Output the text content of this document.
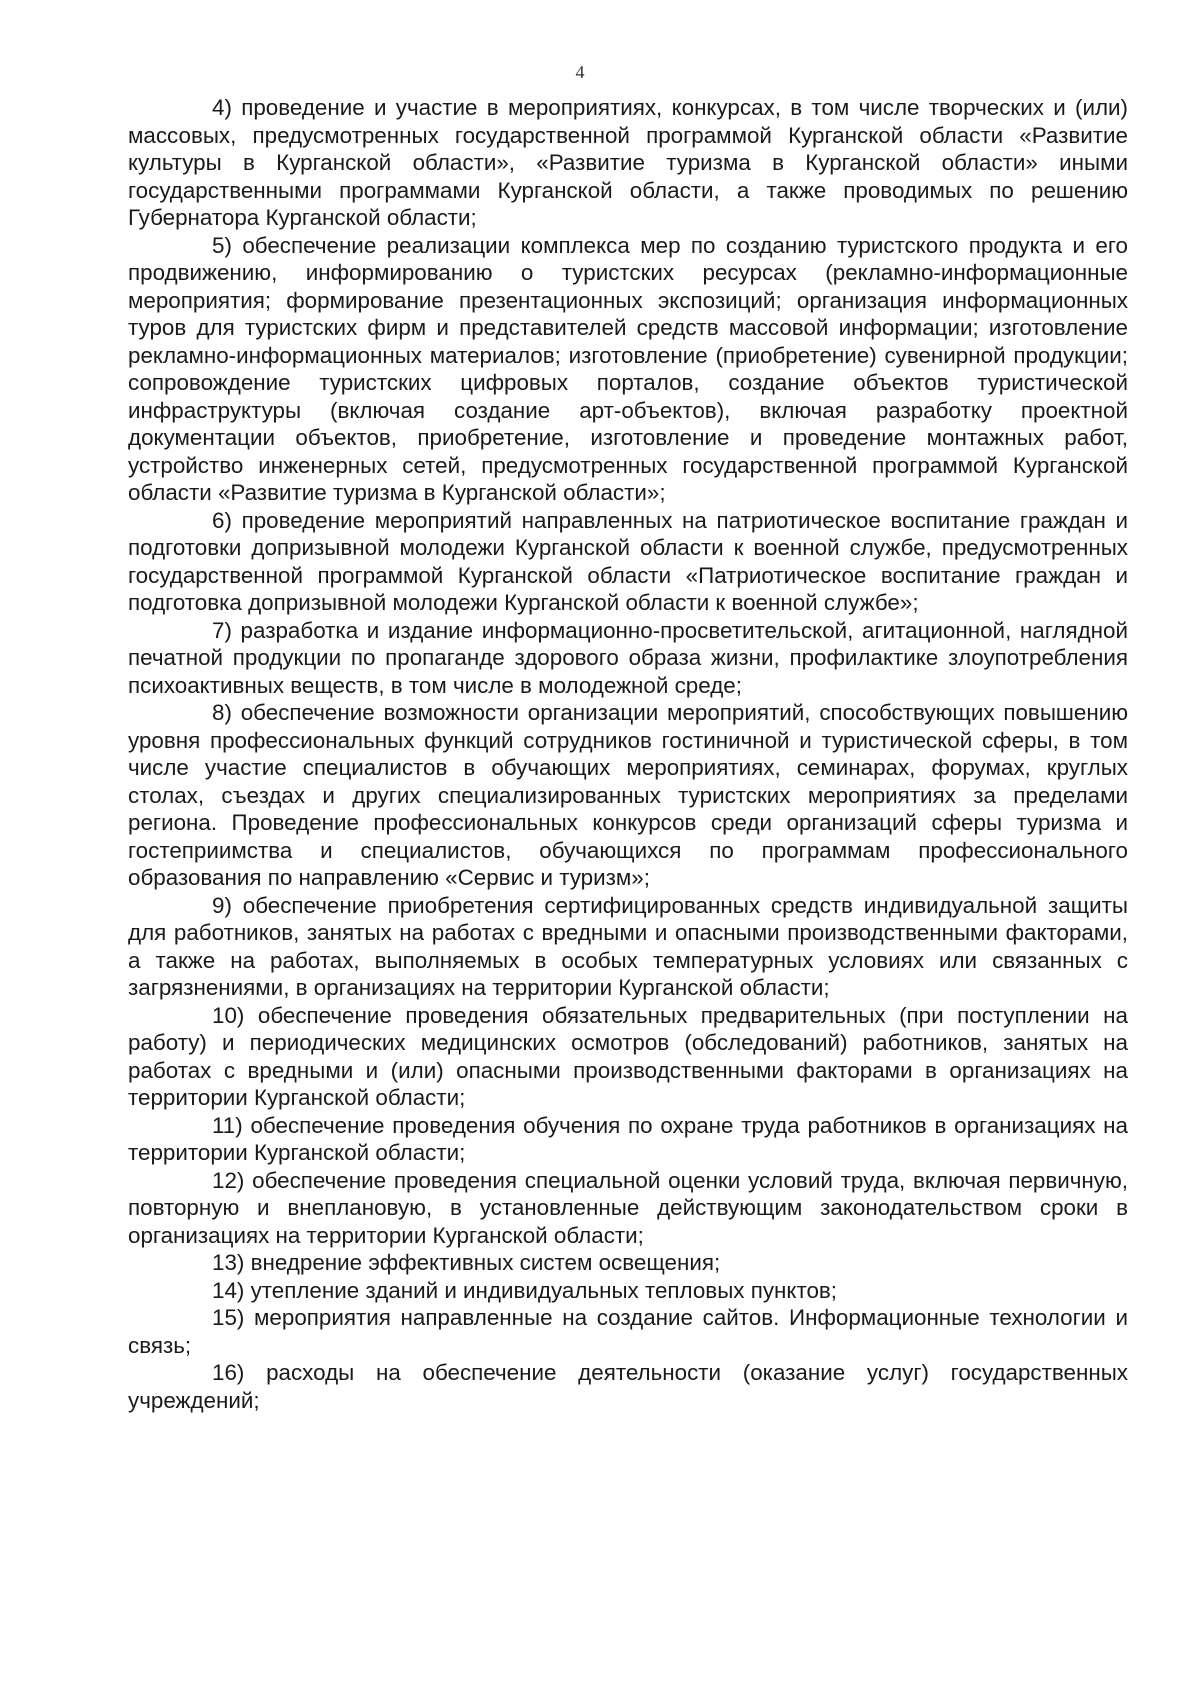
4

4) проведение и участие в мероприятиях, конкурсах, в том числе творческих и (или) массовых, предусмотренных государственной программой Курганской области «Развитие культуры в Курганской области», «Развитие туризма в Курганской области» иными государственными программами Курганской области, а также проводимых по решению Губернатора Курганской области;

5) обеспечение реализации комплекса мер по созданию туристского продукта и его продвижению, информированию о туристских ресурсах (рекламно-информационные мероприятия; формирование презентационных экспозиций; организация информационных туров для туристских фирм и представителей средств массовой информации; изготовление рекламно-информационных материалов; изготовление (приобретение) сувенирной продукции; сопровождение туристских цифровых порталов, создание объектов туристической инфраструктуры (включая создание арт-объектов), включая разработку проектной документации объектов, приобретение, изготовление и проведение монтажных работ, устройство инженерных сетей, предусмотренных государственной программой Курганской области «Развитие туризма в Курганской области»;

6) проведение мероприятий направленных на патриотическое воспитание граждан и подготовки допризывной молодежи Курганской области к военной службе, предусмотренных государственной программой Курганской области «Патриотическое воспитание граждан и подготовка допризывной молодежи Курганской области к военной службе»;

7) разработка и издание информационно-просветительской, агитационной, наглядной печатной продукции по пропаганде здорового образа жизни, профилактике злоупотребления психоактивных веществ, в том числе в молодежной среде;

8) обеспечение возможности организации мероприятий, способствующих повышению уровня профессиональных функций сотрудников гостиничной и туристической сферы, в том числе участие специалистов в обучающих мероприятиях, семинарах, форумах, круглых столах, съездах и других специализированных туристских мероприятиях за пределами региона. Проведение профессиональных конкурсов среди организаций сферы туризма и гостеприимства и специалистов, обучающихся по программам профессионального образования по направлению «Сервис и туризм»;

9) обеспечение приобретения сертифицированных средств индивидуальной защиты для работников, занятых на работах с вредными и опасными производственными факторами, а также на работах, выполняемых в особых температурных условиях или связанных с загрязнениями, в организациях на территории Курганской области;

10) обеспечение проведения обязательных предварительных (при поступлении на работу) и периодических медицинских осмотров (обследований) работников, занятых на работах с вредными и (или) опасными производственными факторами в организациях на территории Курганской области;

11) обеспечение проведения обучения по охране труда работников в организациях на территории Курганской области;

12) обеспечение проведения специальной оценки условий труда, включая первичную, повторную и внеплановую, в установленные действующим законодательством сроки в организациях на территории Курганской области;

13) внедрение эффективных систем освещения;

14) утепление зданий и индивидуальных тепловых пунктов;

15) мероприятия направленные на создание сайтов. Информационные технологии и связь;

16) расходы на обеспечение деятельности (оказание услуг) государственных учреждений;
